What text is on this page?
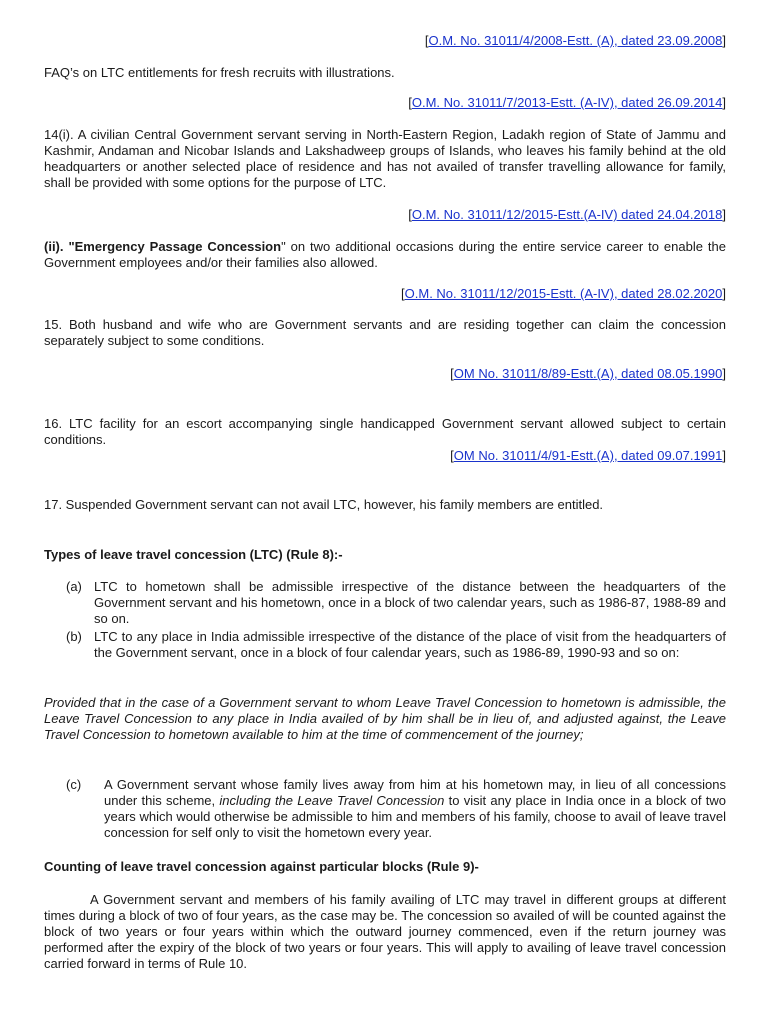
[O.M. No. 31011/4/2008-Estt. (A), dated 23.09.2008]
FAQ’s on LTC entitlements for fresh recruits with illustrations.
[O.M. No. 31011/7/2013-Estt. (A-IV), dated 26.09.2014]
14(i). A civilian Central Government servant serving in North-Eastern Region, Ladakh region of State of Jammu and Kashmir, Andaman and Nicobar Islands and Lakshadweep groups of Islands, who leaves his family behind at the old headquarters or another selected place of residence and has not availed of transfer travelling allowance for family, shall be provided with some options for the purpose of LTC.
[O.M. No. 31011/12/2015-Estt.(A-IV) dated 24.04.2018]
(ii). "Emergency Passage Concession" on two additional occasions during the entire service career to enable the Government employees and/or their families also allowed.
[O.M. No. 31011/12/2015-Estt. (A-IV), dated 28.02.2020]
15. Both husband and wife who are Government servants and are residing together can claim the concession separately subject to some conditions.
[OM No. 31011/8/89-Estt.(A), dated 08.05.1990]
16. LTC facility for an escort accompanying single handicapped Government servant allowed subject to certain conditions.
[OM No. 31011/4/91-Estt.(A), dated 09.07.1991]
17. Suspended Government servant can not avail LTC, however, his family members are entitled.
Types of leave travel concession (LTC) (Rule 8):-
(a) LTC to hometown shall be admissible irrespective of the distance between the headquarters of the Government servant and his hometown, once in a block of two calendar years, such as 1986-87, 1988-89 and so on.
(b) LTC to any place in India admissible irrespective of the distance of the place of visit from the headquarters of the Government servant, once in a block of four calendar years, such as 1986-89, 1990-93 and so on:
Provided that in the case of a Government servant to whom Leave Travel Concession to hometown is admissible, the Leave Travel Concession to any place in India availed of by him shall be in lieu of, and adjusted against, the Leave Travel Concession to hometown available to him at the time of commencement of the journey;
(c) A Government servant whose family lives away from him at his hometown may, in lieu of all concessions under this scheme, including the Leave Travel Concession to visit any place in India once in a block of two years which would otherwise be admissible to him and members of his family, choose to avail of leave travel concession for self only to visit the hometown every year.
Counting of leave travel concession against particular blocks (Rule 9)-
A Government servant and members of his family availing of LTC may travel in different groups at different times during a block of two of four years, as the case may be. The concession so availed of will be counted against the block of two years or four years within which the outward journey commenced, even if the return journey was performed after the expiry of the block of two years or four years. This will apply to availing of leave travel concession carried forward in terms of Rule 10.
